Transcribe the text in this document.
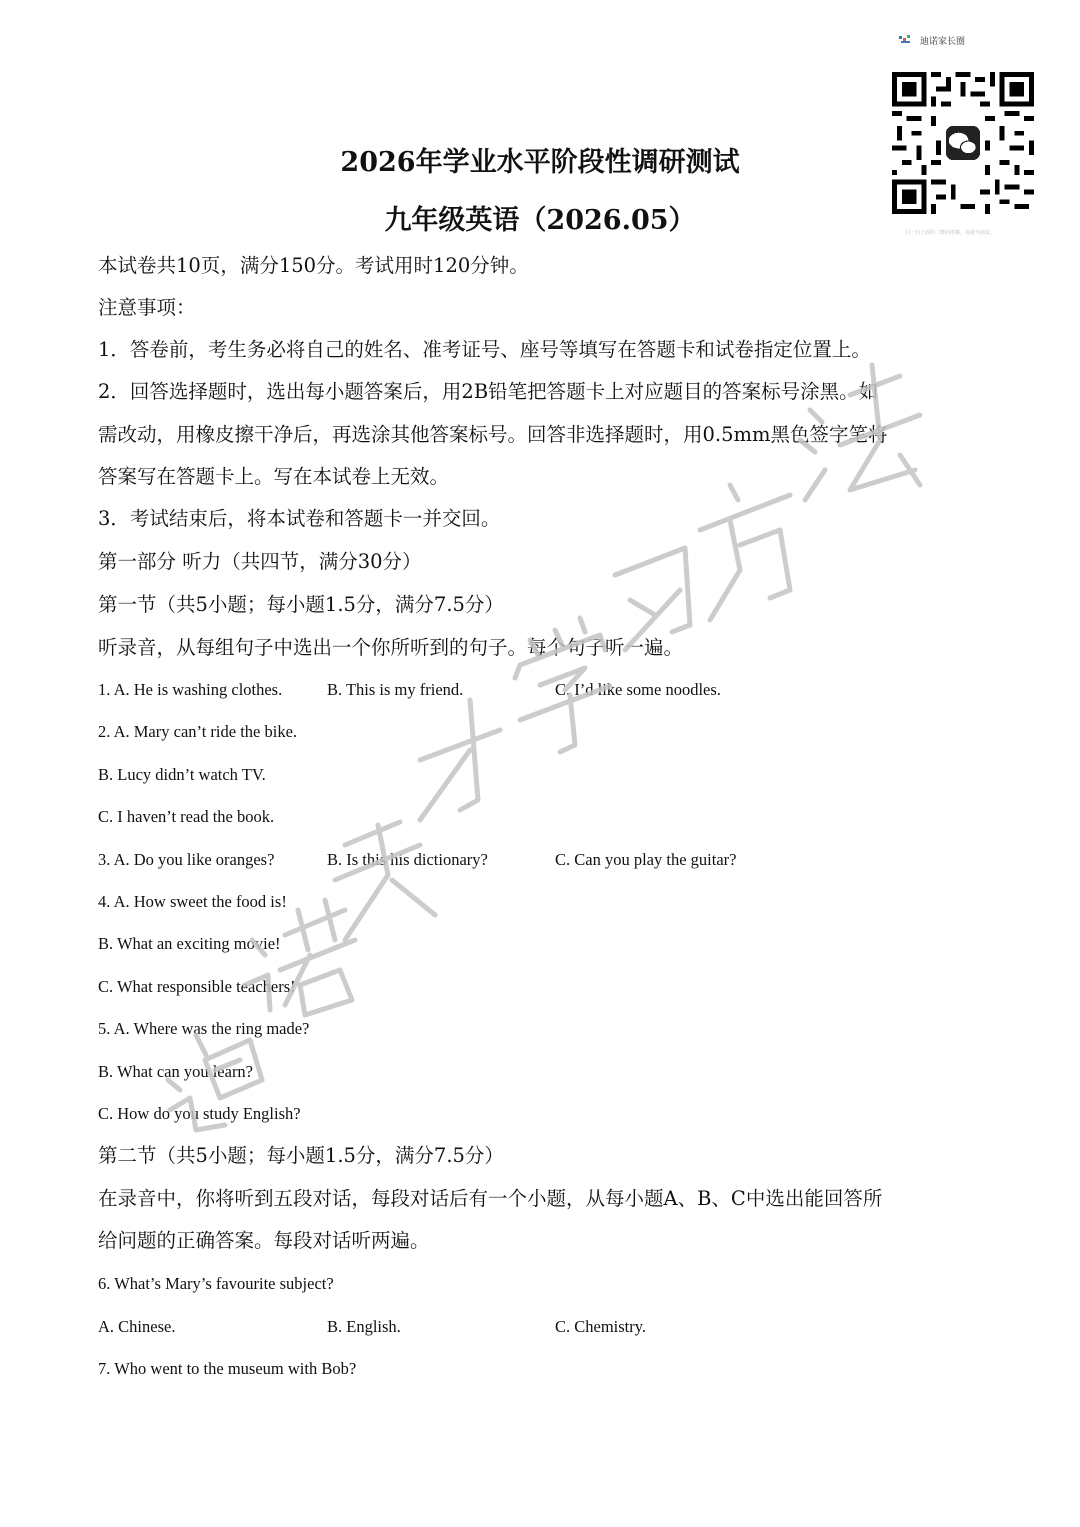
迪诺家长圈
扫一扫上面的二维码图案，加我为朋友。
2026年学业水平阶段性调研测试
九年级英语（2026.05）
本试卷共10页，满分150分。考试用时120分钟。
注意事项：
1．答卷前，考生务必将自己的姓名、准考证号、座号等填写在答题卡和试卷指定位置上。
2．回答选择题时，选出每小题答案后，用2B铅笔把答题卡上对应题目的答案标号涂黑。如
需改动，用橡皮擦干净后，再选涂其他答案标号。回答非选择题时，用0.5mm黑色签字笔将
答案写在答题卡上。写在本试卷上无效。
3．考试结束后，将本试卷和答题卡一并交回。
第一部分 听力（共四节，满分30分）
第一节（共5小题；每小题1.5分，满分7.5分）
听录音，从每组句子中选出一个你所听到的句子。每个句子听一遍。
1. A. He is washing clothes.	B. This is my friend.	C. I’d like some noodles.
2. A. Mary can’t ride the bike.
B. Lucy didn’t watch TV.
C. I haven’t read the book.
3. A. Do you like oranges?	B. Is this his dictionary?	C. Can you play the guitar?
4. A. How sweet the food is!
B. What an exciting movie!
C. What responsible teachers!
5. A. Where was the ring made?
B. What can you learn?
C. How do you study English?
第二节（共5小题；每小题1.5分，满分7.5分）
在录音中，你将听到五段对话，每段对话后有一个小题，从每小题A、B、C中选出能回答所
给问题的正确答案。每段对话听两遍。
6. What’s Mary’s favourite subject?
A. Chinese.	B. English.	C. Chemistry.
7. Who went to the museum with Bob?
